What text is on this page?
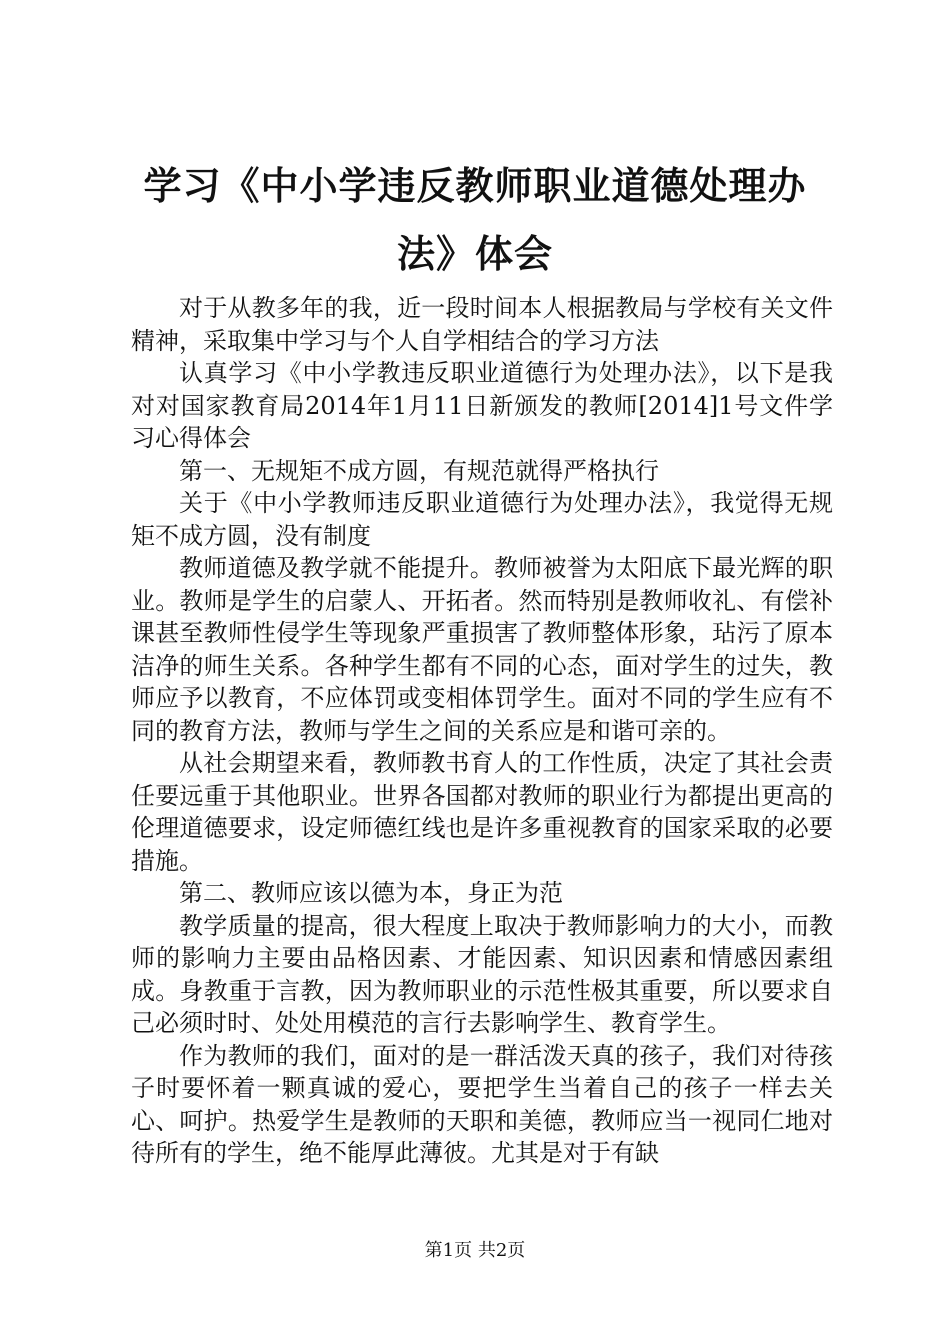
学习《中小学违反教师职业道德处理办法》体会

对于从教多年的我，近一段时间本人根据教局与学校有关文件精神，采取集中学习与个人自学相结合的学习方法

认真学习《中小学教违反职业道德行为处理办法》，以下是我对对国家教育局2014年1月11日新颁发的教师[2014]1号文件学习心得体会

第一、无规矩不成方圆，有规范就得严格执行

关于《中小学教师违反职业道德行为处理办法》，我觉得无规矩不成方圆，没有制度

教师道德及教学就不能提升。教师被誉为太阳底下最光辉的职业。教师是学生的启蒙人、开拓者。然而特别是教师收礼、有偿补课甚至教师性侵学生等现象严重损害了教师整体形象，玷污了原本洁净的师生关系。各种学生都有不同的心态，面对学生的过失，教师应予以教育，不应体罚或变相体罚学生。面对不同的学生应有不同的教育方法，教师与学生之间的关系应是和谐可亲的。

从社会期望来看，教师教书育人的工作性质，决定了其社会责任要远重于其他职业。世界各国都对教师的职业行为都提出更高的伦理道德要求，设定师德红线也是许多重视教育的国家采取的必要措施。

第二、教师应该以德为本，身正为范

教学质量的提高，很大程度上取决于教师影响力的大小，而教师的影响力主要由品格因素、才能因素、知识因素和情感因素组成。身教重于言教，因为教师职业的示范性极其重要，所以要求自己必须时时、处处用模范的言行去影响学生、教育学生。

作为教师的我们，面对的是一群活泼天真的孩子，我们对待孩子时要怀着一颗真诚的爱心，要把学生当着自己的孩子一样去关心、呵护。热爱学生是教师的天职和美德，教师应当一视同仁地对待所有的学生，绝不能厚此薄彼。尤其是对于有缺

第1页 共2页
